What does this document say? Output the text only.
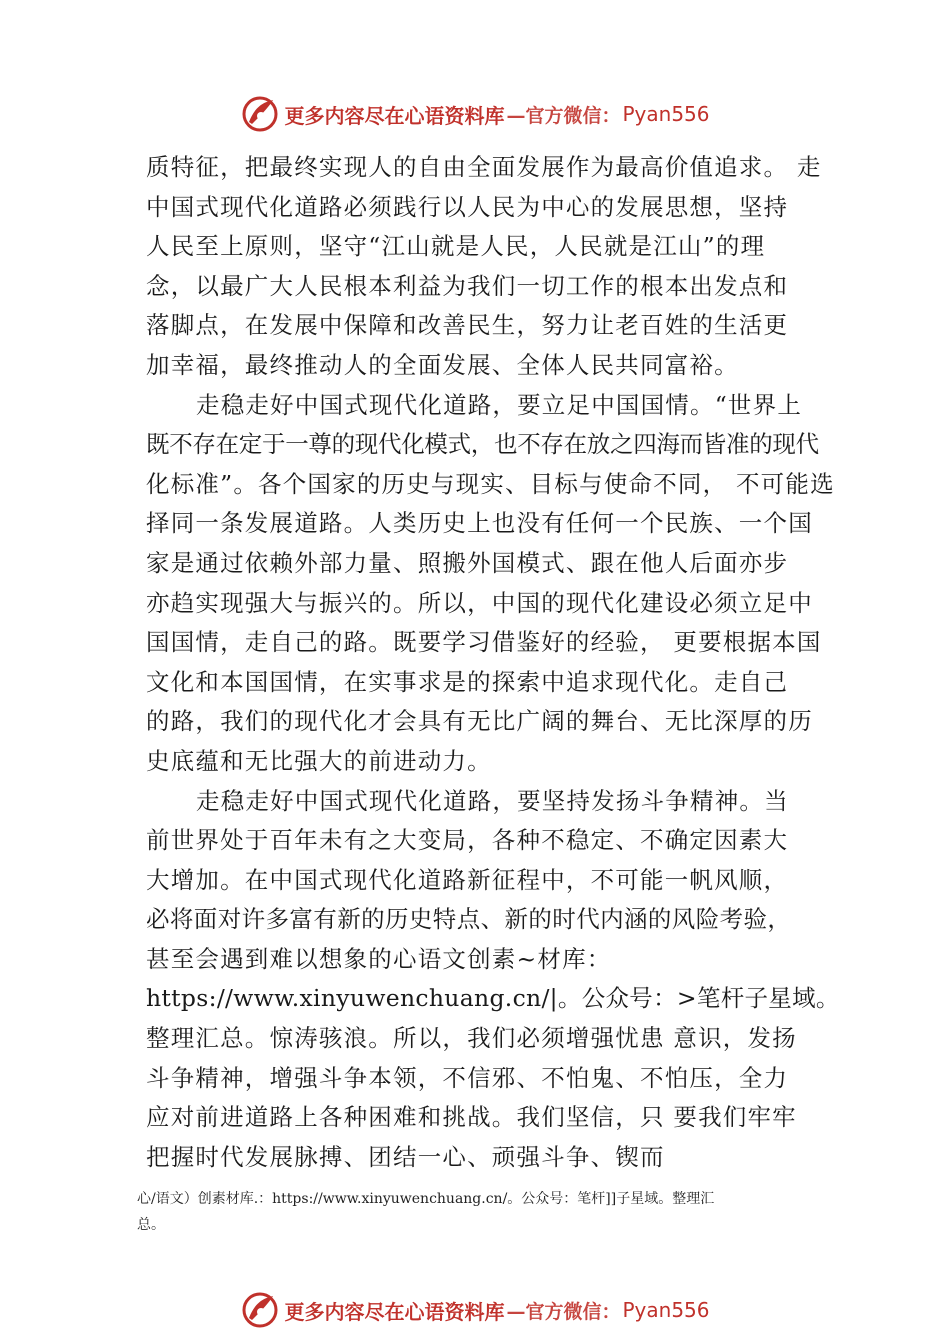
更多内容尽在心语资料库 —官方微信： Pyan556
质特征，把最终实现人的自由全面发展作为最高价值追求。 走
中国式现代化道路必须践行以人民为中心的发展思想，坚持
人民至上原则，坚守“江山就是人民，人民就是江山”的理
念，以最广大人民根本利益为我们一切工作的根本出发点和
落脚点，在发展中保障和改善民生，努力让老百姓的生活更
加幸福，最终推动人的全面发展、全体人民共同富裕。
走稳走好中国式现代化道路，要立足中国国情。“世界上
既不存在定于一尊的现代化模式，也不存在放之四海而皆准的现代
化标准”。各个国家的历史与现实、目标与使命不同， 不可能选
择同一条发展道路。人类历史上也没有任何一个民族、一个国
家是通过依赖外部力量、照搬外国模式、跟在他人后面亦步
亦趋实现强大与振兴的。所以，中国的现代化建设必须立足中
国国情，走自己的路。既要学习借鉴好的经验， 更要根据本国
文化和本国国情，在实事求是的探索中追求现代化。走自己
的路，我们的现代化才会具有无比广阔的舞台、无比深厚的历
史底蕴和无比强大的前进动力。
走稳走好中国式现代化道路，要坚持发扬斗争精神。当
前世界处于百年未有之大变局，各种不稳定、不确定因素大
大增加。在中国式现代化道路新征程中，不可能一帆风顺，
必将面对许多富有新的历史特点、新的时代内涵的风险考验，
甚至会遇到难以想象的心语文创素~材库：
https://www.xinyuwenchuang.cn/|。公众号：>笔杆子星域。
整理汇总。惊涛骇浪。所以，我们必须增强忧患 意识，发扬
斗争精神，增强斗争本领，不信邪、不怕鬼、不怕压，全力
应对前进道路上各种困难和挑战。我们坚信，只 要我们牢牢
把握时代发展脉搏、团结一心、顽强斗争、锲而
心/语文）创素材库.：https://www.xinyuwenchuang.cn/。公众号：笔杆]]子星域。整理汇
总。
更多内容尽在心语资料库 —官方微信： Pyan556
